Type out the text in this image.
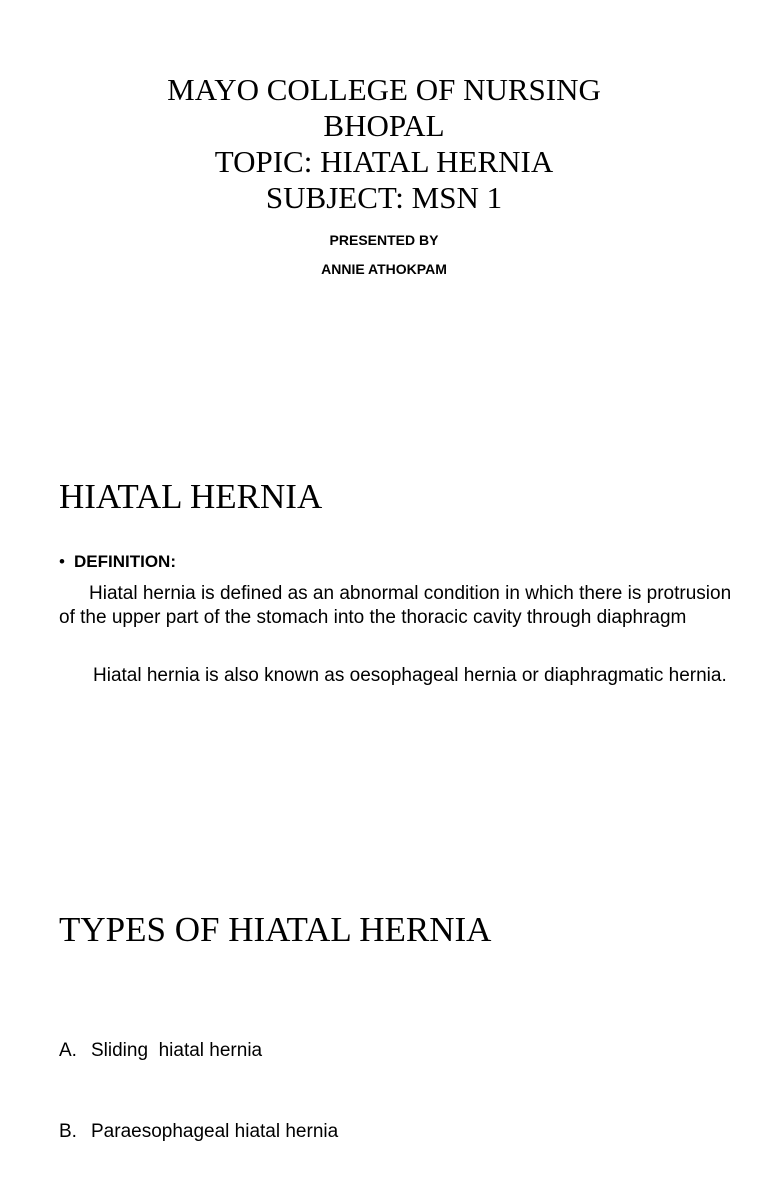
MAYO COLLEGE OF NURSING
BHOPAL
TOPIC: HIATAL HERNIA
SUBJECT: MSN 1
PRESENTED BY
ANNIE ATHOKPAM
HIATAL HERNIA
• DEFINITION:
Hiatal hernia is defined as an abnormal condition in which there is protrusion of the upper part of the stomach into the thoracic cavity through diaphragm
Hiatal hernia is also known as oesophageal hernia or diaphragmatic hernia.
TYPES OF HIATAL HERNIA

A. Sliding  hiatal hernia

B. Paraesophageal hiatal hernia
